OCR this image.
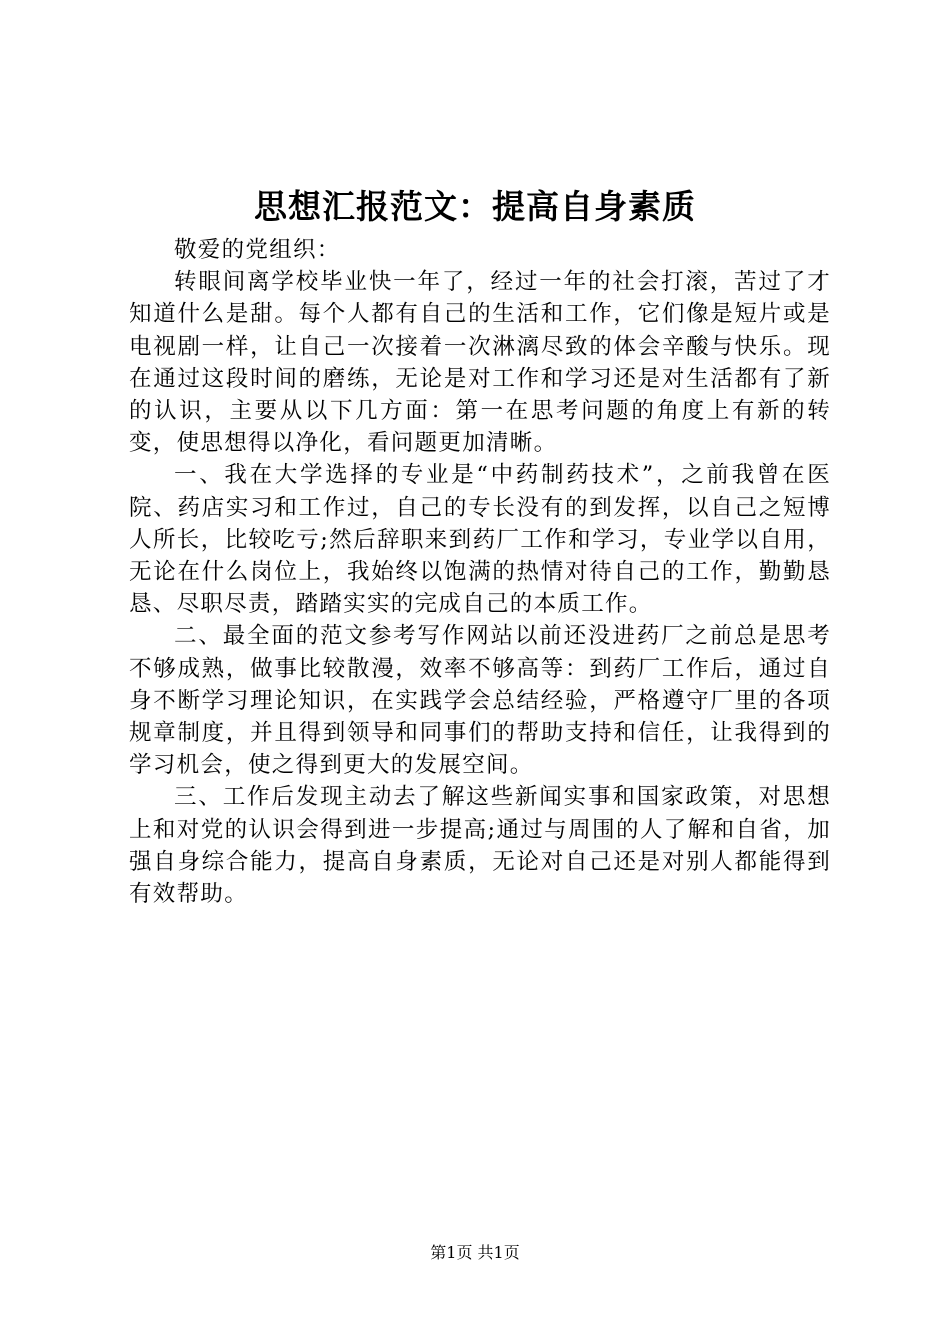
思想汇报范文：提高自身素质

敬爱的党组织：

转眼间离学校毕业快一年了，经过一年的社会打滚，苦过了才知道什么是甜。每个人都有自己的生活和工作，它们像是短片或是电视剧一样，让自己一次接着一次淋漓尽致的体会辛酸与快乐。现在通过这段时间的磨练，无论是对工作和学习还是对生活都有了新的认识，主要从以下几方面：第一在思考问题的角度上有新的转变，使思想得以净化，看问题更加清晰。

一、我在大学选择的专业是“中药制药技术”，之前我曾在医院、药店实习和工作过，自己的专长没有的到发挥，以自己之短博人所长，比较吃亏;然后辞职来到药厂工作和学习，专业学以自用，无论在什么岗位上，我始终以饱满的热情对待自己的工作，勤勤恳恳、尽职尽责，踏踏实实的完成自己的本质工作。

二、最全面的范文参考写作网站以前还没进药厂之前总是思考不够成熟，做事比较散漫，效率不够高等：到药厂工作后，通过自身不断学习理论知识，在实践学会总结经验，严格遵守厂里的各项规章制度，并且得到领导和同事们的帮助支持和信任，让我得到的学习机会，使之得到更大的发展空间。

三、工作后发现主动去了解这些新闻实事和国家政策，对思想上和对党的认识会得到进一步提高;通过与周围的人了解和自省，加强自身综合能力，提高自身素质，无论对自己还是对别人都能得到有效帮助。

第1页 共1页
